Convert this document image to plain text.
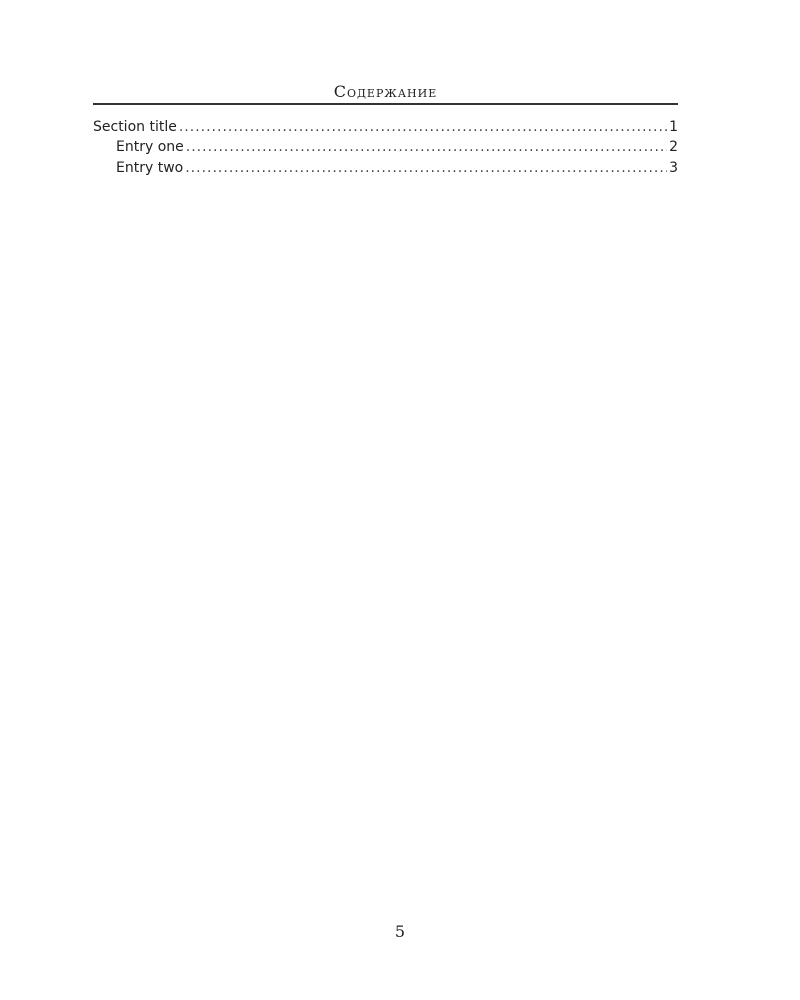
Содержание
Section title .....	1
Entry one .....	2
Entry two .....	3
5
